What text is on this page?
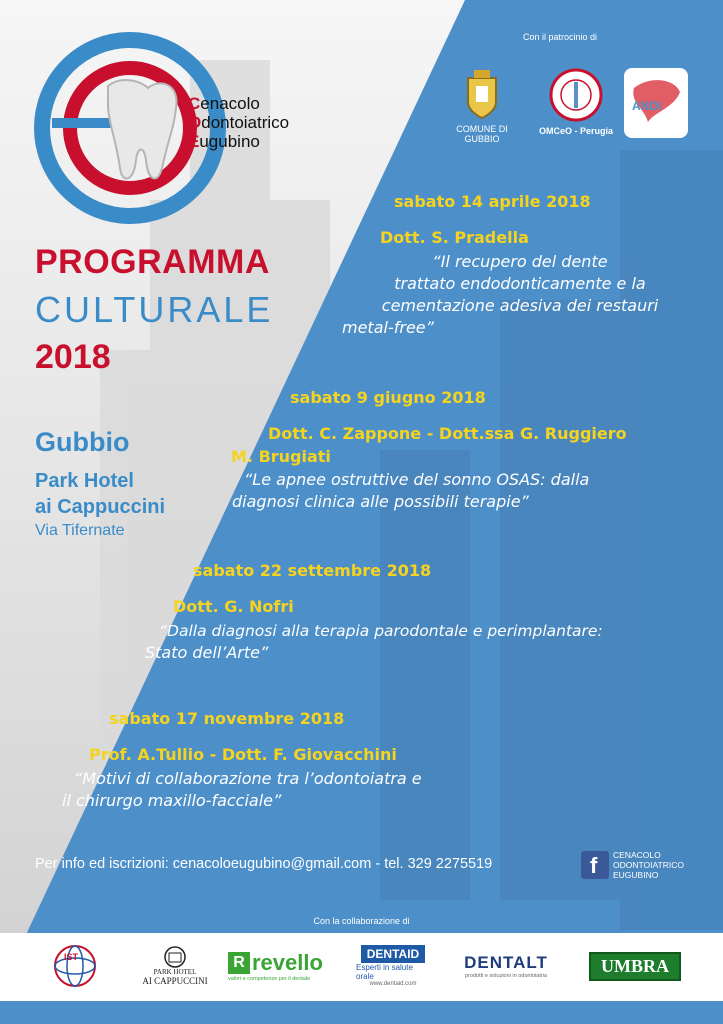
Cenacolo
Odontoiatrico
Eugubino
Con il patrocinio di
COMUNE DI GUBBIO
OMCeO - Perugia
ANDI
PROGRAMMA
CULTURALE
2018
Gubbio
Park Hotel
ai Cappuccini
Via Tifernate
sabato 14 aprile 2018
Dott. S. Pradella
“Il recupero del dente
trattato endodonticamente e la
cementazione adesiva dei restauri
metal-free”
sabato 9 giugno 2018
Dott. C. Zappone - Dott.ssa G. Ruggiero
M. Brugiati
“Le apnee ostruttive del sonno OSAS: dalla
diagnosi clinica alle possibili terapie”
sabato 22 settembre 2018
Dott. G. Nofri
“Dalla diagnosi alla terapia parodontale e perimplantare:
Stato dell’Arte”
sabato 17 novembre 2018
Prof. A.Tullio - Dott. F. Giovacchini
“Motivi di collaborazione tra l’odontoiatra e
il chirurgo maxillo-facciale”
Per info ed iscrizioni: cenacoloeugubino@gmail.com - tel. 329 2275519	f CENACOLO
ODONTOIATRICO
EUGUBINO
Con la collaborazione di
IST
PARK HOTEL
AI CAPPUCCINI
R revello
valori e competenze per il dentale
DENTAID
Esperti in salute orale
www.dentaid.com
DENTALT
prodotti e soluzioni in odontoiatria
UMBRA
